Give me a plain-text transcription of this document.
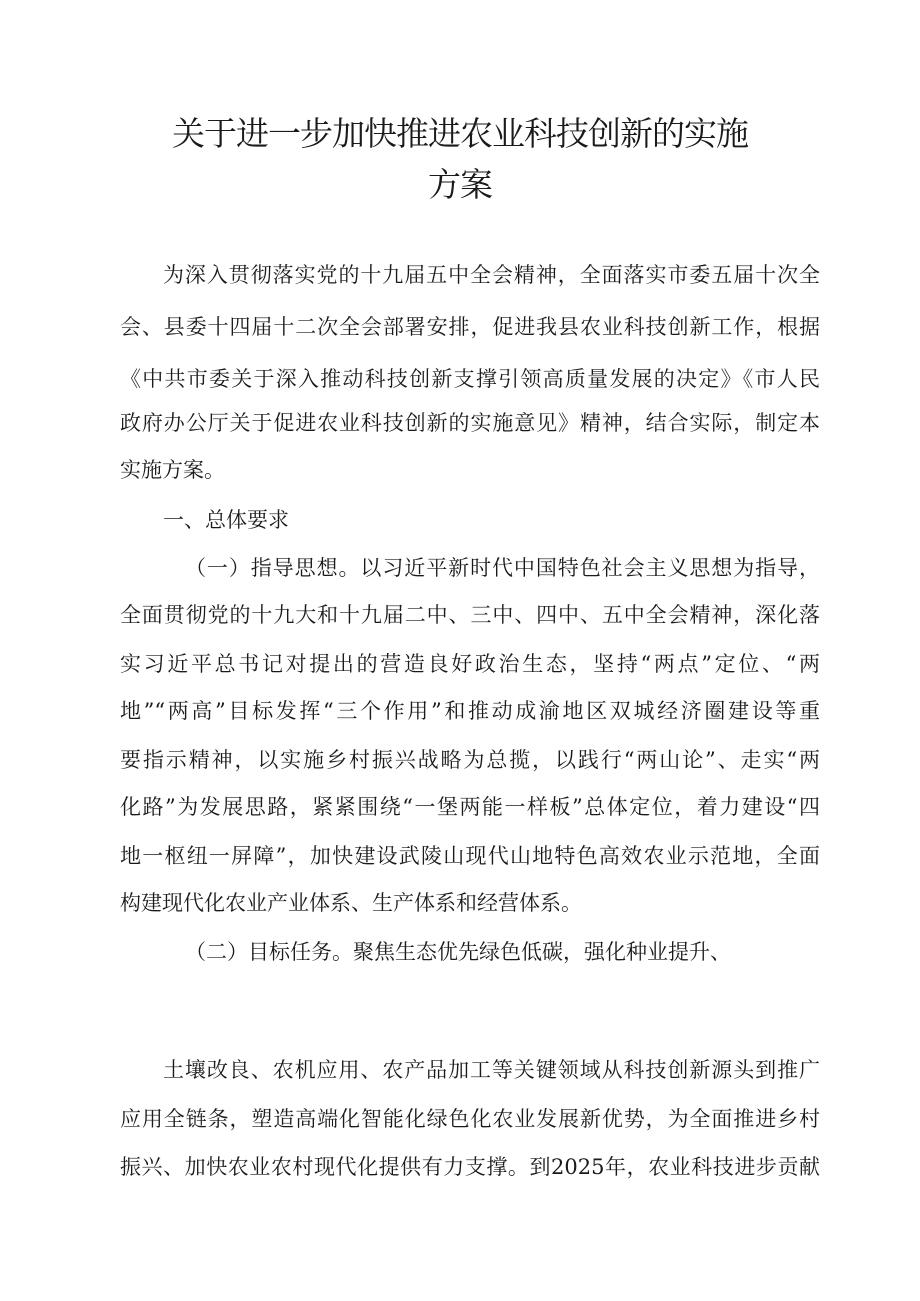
关于进一步加快推进农业科技创新的实施
方案
为深入贯彻落实党的十九届五中全会精神，全面落实市委五届十次全
会、县委十四届十二次全会部署安排，促进我县农业科技创新工作，根据
《中共市委关于深入推动科技创新支撑引领高质量发展的决定》《市人民
政府办公厅关于促进农业科技创新的实施意见》精神，结合实际，制定本
实施方案。
一、总体要求
（一）指导思想。以习近平新时代中国特色社会主义思想为指导，
全面贯彻党的十九大和十九届二中、三中、四中、五中全会精神，深化落
实习近平总书记对提出的营造良好政治生态，坚持“两点”定位、“两
地”“两高”目标发挥“三个作用”和推动成渝地区双城经济圈建设等重
要指示精神，以实施乡村振兴战略为总揽，以践行“两山论”、走实“两
化路”为发展思路，紧紧围绕“一堡两能一样板”总体定位，着力建设“四
地一枢纽一屏障”，加快建设武陵山现代山地特色高效农业示范地，全面
构建现代化农业产业体系、生产体系和经营体系。
（二）目标任务。聚焦生态优先绿色低碳，强化种业提升、
土壤改良、农机应用、农产品加工等关键领域从科技创新源头到推广
应用全链条，塑造高端化智能化绿色化农业发展新优势，为全面推进乡村
振兴、加快农业农村现代化提供有力支撑。到2025年，农业科技进步贡献
